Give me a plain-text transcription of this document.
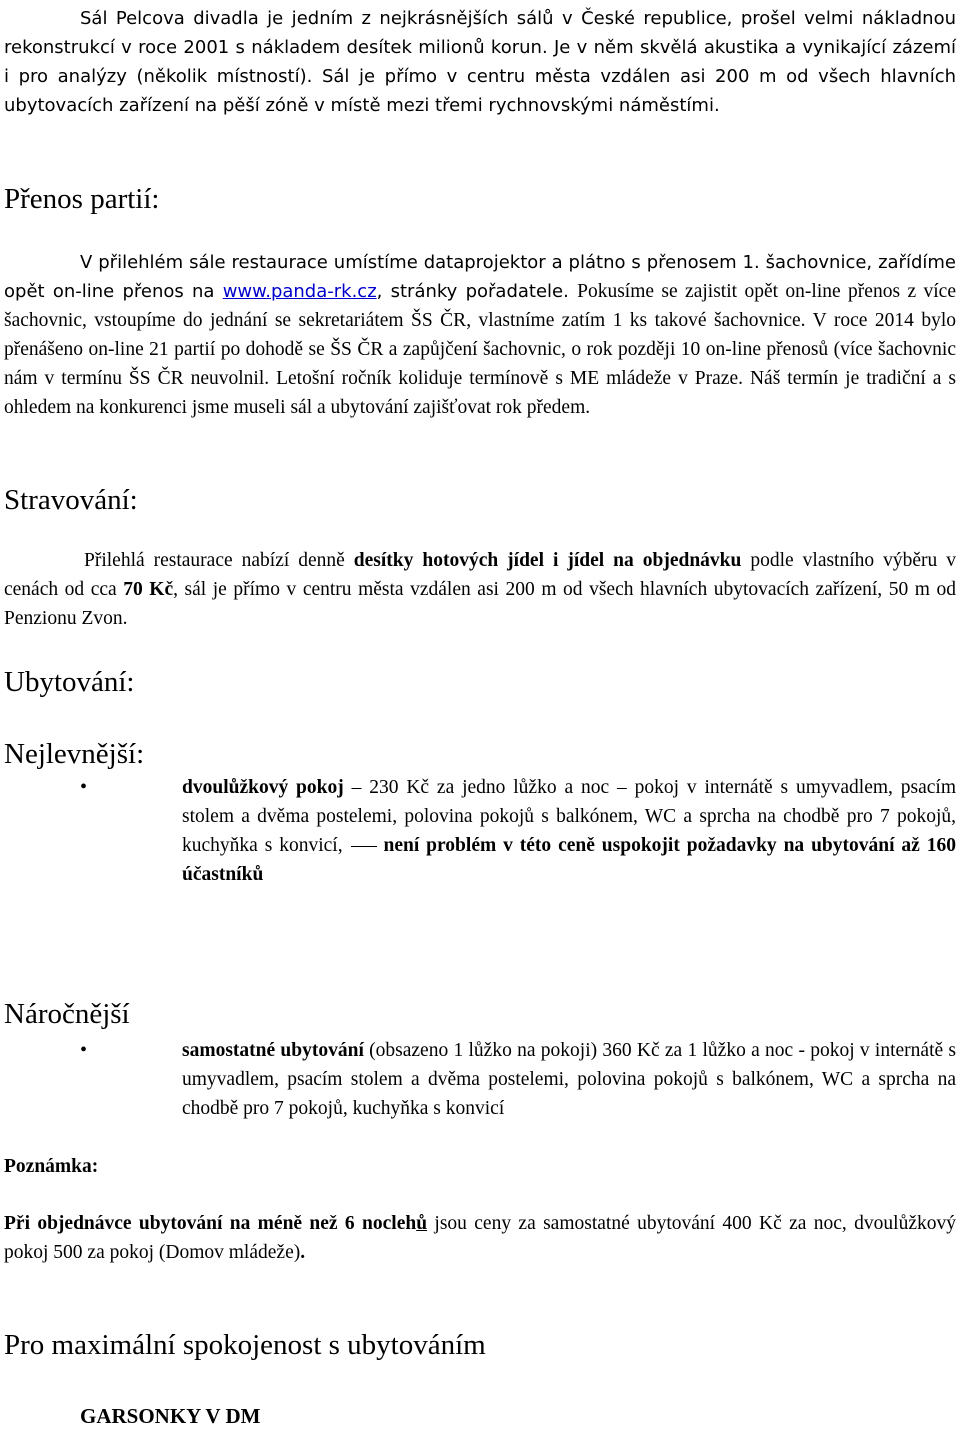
Sál Pelcova divadla je jedním z nejkrásnějších sálů v České republice, prošel velmi nákladnou rekonstrukcí v roce 2001 s nákladem desítek milionů korun. Je v něm skvělá akustika a vynikající zázemí i pro analýzy (několik místností). Sál je přímo v centru města vzdálen asi 200 m od všech hlavních ubytovacích zařízení na pěší zóně v místě mezi třemi rychnovskými náměstími.
Přenos partií:
V přilehlém sále restaurace umístíme dataprojektor a plátno s přenosem 1. šachovnice, zařídíme opět on-line přenos na www.panda-rk.cz, stránky pořadatele. Pokusíme se zajistit opět on-line přenos z více šachovnic, vstoupíme do jednání se sekretariátem ŠS ČR, vlastníme zatím 1 ks takové šachovnice. V roce 2014 bylo přenášeno on-line 21 partií po dohodě se ŠS ČR a zapůjčení šachovnic, o rok později 10 on-line přenosů (více šachovnic nám v termínu ŠS ČR neuvolnil. Letošní ročník koliduje termínově s ME mládeže v Praze. Náš termín je tradiční a s ohledem na konkurenci jsme museli sál a ubytování zajišťovat rok předem.
Stravování:
Přilehlá restaurace nabízí denně desítky hotových jídel i jídel na objednávku podle vlastního výběru v cenách od cca 70 Kč, sál je přímo v centru města vzdálen asi 200 m od všech hlavních ubytovacích zařízení, 50 m od Penzionu Zvon.
Ubytování:
Nejlevnější:
•	dvoulůžkový pokoj – 230 Kč za jedno lůžko a noc – pokoj v internátě s umyvadlem, psacím stolem a dvěma postelemi, polovina pokojů s balkónem, WC a sprcha na chodbě pro 7 pokojů, kuchyňka s konvicí, není problém v této ceně uspokojit požadavky na ubytování až 160 účastníků
Náročnější
•	samostatné ubytování (obsazeno 1 lůžko na pokoji) 360 Kč za 1 lůžko a noc - pokoj v internátě s umyvadlem, psacím stolem a dvěma postelemi, polovina pokojů s balkónem, WC a sprcha na chodbě pro 7 pokojů, kuchyňka s konvicí
Poznámka:
Při objednávce ubytování na méně než 6 noclehů jsou ceny za samostatné ubytování 400 Kč za noc, dvoulůžkový pokoj 500 za pokoj (Domov mládeže).
Pro maximální spokojenost s ubytováním
GARSONKY V DM
